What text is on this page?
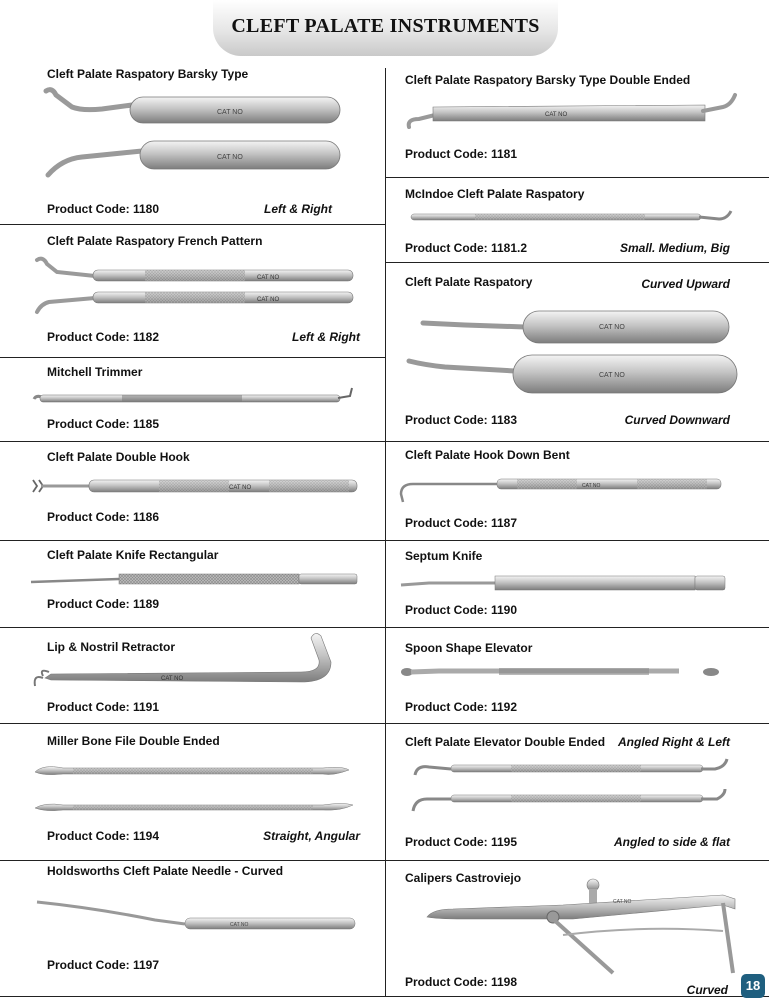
CLEFT PALATE INSTRUMENTS
Cleft Palate Raspatory Barsky Type
CAT NO
CAT NO
Product Code: 1180	Left & Right
Cleft Palate Raspatory French Pattern
CAT NO
CAT NO
Product Code: 1182	Left & Right
Mitchell Trimmer
Product Code: 1185
Cleft Palate Double Hook
CAT NO
Product Code: 1186
Cleft Palate Knife Rectangular
Product Code: 1189
Lip & Nostril Retractor
CAT NO
Product Code: 1191
Miller Bone File Double Ended
Product Code: 1194	Straight, Angular
Holdsworths Cleft Palate Needle - Curved
CAT NO
Product Code: 1197
Cleft Palate Raspatory Barsky Type Double Ended
CAT NO
Product Code: 1181
McIndoe Cleft Palate Raspatory
Product Code: 1181.2	Small. Medium, Big
Cleft Palate Raspatory	Curved Upward
CAT NO
CAT NO
Product Code: 1183	Curved Downward
Cleft Palate Hook Down Bent
CAT NO
Product Code: 1187
Septum Knife
Product Code: 1190
Spoon Shape Elevator
Product Code: 1192
Cleft Palate Elevator Double Ended Angled Right & Left
Product Code: 1195	Angled to side & flat
Calipers Castroviejo
CAT NO
Product Code: 1198
Curved	18
